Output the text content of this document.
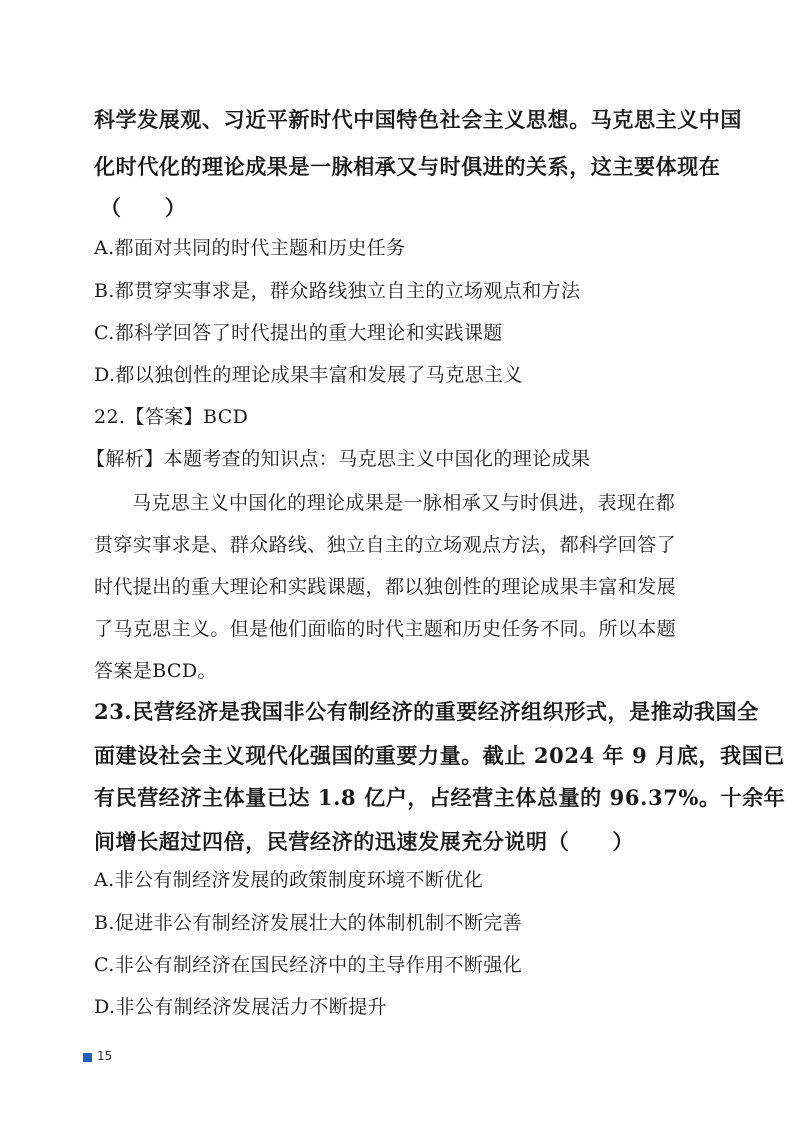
科学发展观、习近平新时代中国特色社会主义思想。马克思主义中国

化时代化的理论成果是一脉相承又与时俱进的关系，这主要体现在

（　　）

A.都面对共同的时代主题和历史任务

B.都贯穿实事求是，群众路线独立自主的立场观点和方法

C.都科学回答了时代提出的重大理论和实践课题

D.都以独创性的理论成果丰富和发展了马克思主义

22.【答案】BCD

【解析】本题考查的知识点：马克思主义中国化的理论成果

马克思主义中国化的理论成果是一脉相承又与时俱进，表现在都

贯穿实事求是、群众路线、独立自主的立场观点方法，都科学回答了

时代提出的重大理论和实践课题，都以独创性的理论成果丰富和发展

了马克思主义。但是他们面临的时代主题和历史任务不同。所以本题

答案是BCD。

23.民营经济是我国非公有制经济的重要经济组织形式，是推动我国全

面建设社会主义现代化强国的重要力量。截止 2024 年 9 月底，我国已

有民营经济主体量已达 1.8 亿户，占经营主体总量的 96.37%。十余年

间增长超过四倍，民营经济的迅速发展充分说明（　　）

A.非公有制经济发展的政策制度环境不断优化

B.促进非公有制经济发展壮大的体制机制不断完善

C.非公有制经济在国民经济中的主导作用不断强化

D.非公有制经济发展活力不断提升

15
